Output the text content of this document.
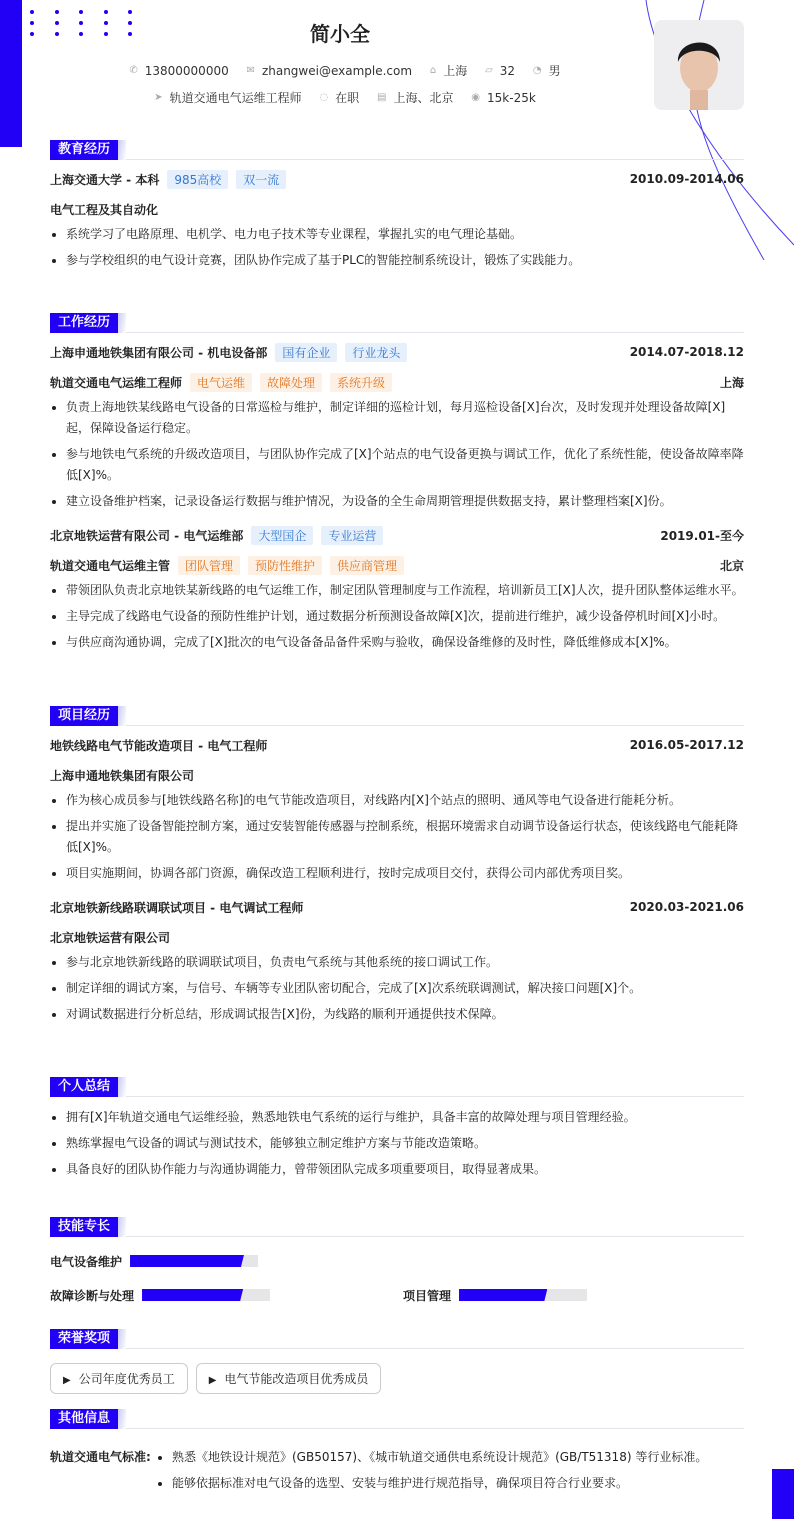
简小全
✆ 13800000000
✉ zhangwei@example.com
⌂ 上海
▱ 32
◔ 男
➤ 轨道交通电气运维工程师
◌ 在职
▤ 上海、北京
◉ 15k-25k
教育经历
上海交通大学 - 本科	985高校	双一流	2010.09-2014.06
电气工程及其自动化
系统学习了电路原理、电机学、电力电子技术等专业课程，掌握扎实的电气理论基础。
参与学校组织的电气设计竞赛，团队协作完成了基于PLC的智能控制系统设计，锻炼了实践能力。
工作经历
上海申通地铁集团有限公司 - 机电设备部	国有企业	行业龙头	2014.07-2018.12
轨道交通电气运维工程师	电气运维	故障处理	系统升级	上海
负责上海地铁某线路电气设备的日常巡检与维护，制定详细的巡检计划，每月巡检设备[X]台次，及时发现并处理设备故障[X]起，保障设备运行稳定。
参与地铁电气系统的升级改造项目，与团队协作完成了[X]个站点的电气设备更换与调试工作，优化了系统性能，使设备故障率降低[X]%。
建立设备维护档案，记录设备运行数据与维护情况，为设备的全生命周期管理提供数据支持，累计整理档案[X]份。
北京地铁运营有限公司 - 电气运维部	大型国企	专业运营	2019.01-至今
轨道交通电气运维主管	团队管理	预防性维护	供应商管理	北京
带领团队负责北京地铁某新线路的电气运维工作，制定团队管理制度与工作流程，培训新员工[X]人次，提升团队整体运维水平。
主导完成了线路电气设备的预防性维护计划，通过数据分析预测设备故障[X]次，提前进行维护，减少设备停机时间[X]小时。
与供应商沟通协调，完成了[X]批次的电气设备备品备件采购与验收，确保设备维修的及时性，降低维修成本[X]%。
项目经历
地铁线路电气节能改造项目 - 电气工程师	2016.05-2017.12
上海申通地铁集团有限公司
作为核心成员参与[地铁线路名称]的电气节能改造项目，对线路内[X]个站点的照明、通风等电气设备进行能耗分析。
提出并实施了设备智能控制方案，通过安装智能传感器与控制系统，根据环境需求自动调节设备运行状态，使该线路电气能耗降低[X]%。
项目实施期间，协调各部门资源，确保改造工程顺利进行，按时完成项目交付，获得公司内部优秀项目奖。
北京地铁新线路联调联试项目 - 电气调试工程师	2020.03-2021.06
北京地铁运营有限公司
参与北京地铁新线路的联调联试项目，负责电气系统与其他系统的接口调试工作。
制定详细的调试方案，与信号、车辆等专业团队密切配合，完成了[X]次系统联调测试，解决接口问题[X]个。
对调试数据进行分析总结，形成调试报告[X]份，为线路的顺利开通提供技术保障。
个人总结
拥有[X]年轨道交通电气运维经验，熟悉地铁电气系统的运行与维护，具备丰富的故障处理与项目管理经验。
熟练掌握电气设备的调试与测试技术，能够独立制定维护方案与节能改造策略。
具备良好的团队协作能力与沟通协调能力，曾带领团队完成多项重要项目，取得显著成果。
技能专长
电气设备维护
故障诊断与处理	项目管理
荣誉奖项
▶ 公司年度优秀员工	▶ 电气节能改造项目优秀成员
其他信息
轨道交通电气标准:	熟悉《地铁设计规范》(GB50157)、《城市轨道交通供电系统设计规范》(GB/T51318) 等行业标准。
能够依据标准对电气设备的选型、安装与维护进行规范指导，确保项目符合行业要求。
